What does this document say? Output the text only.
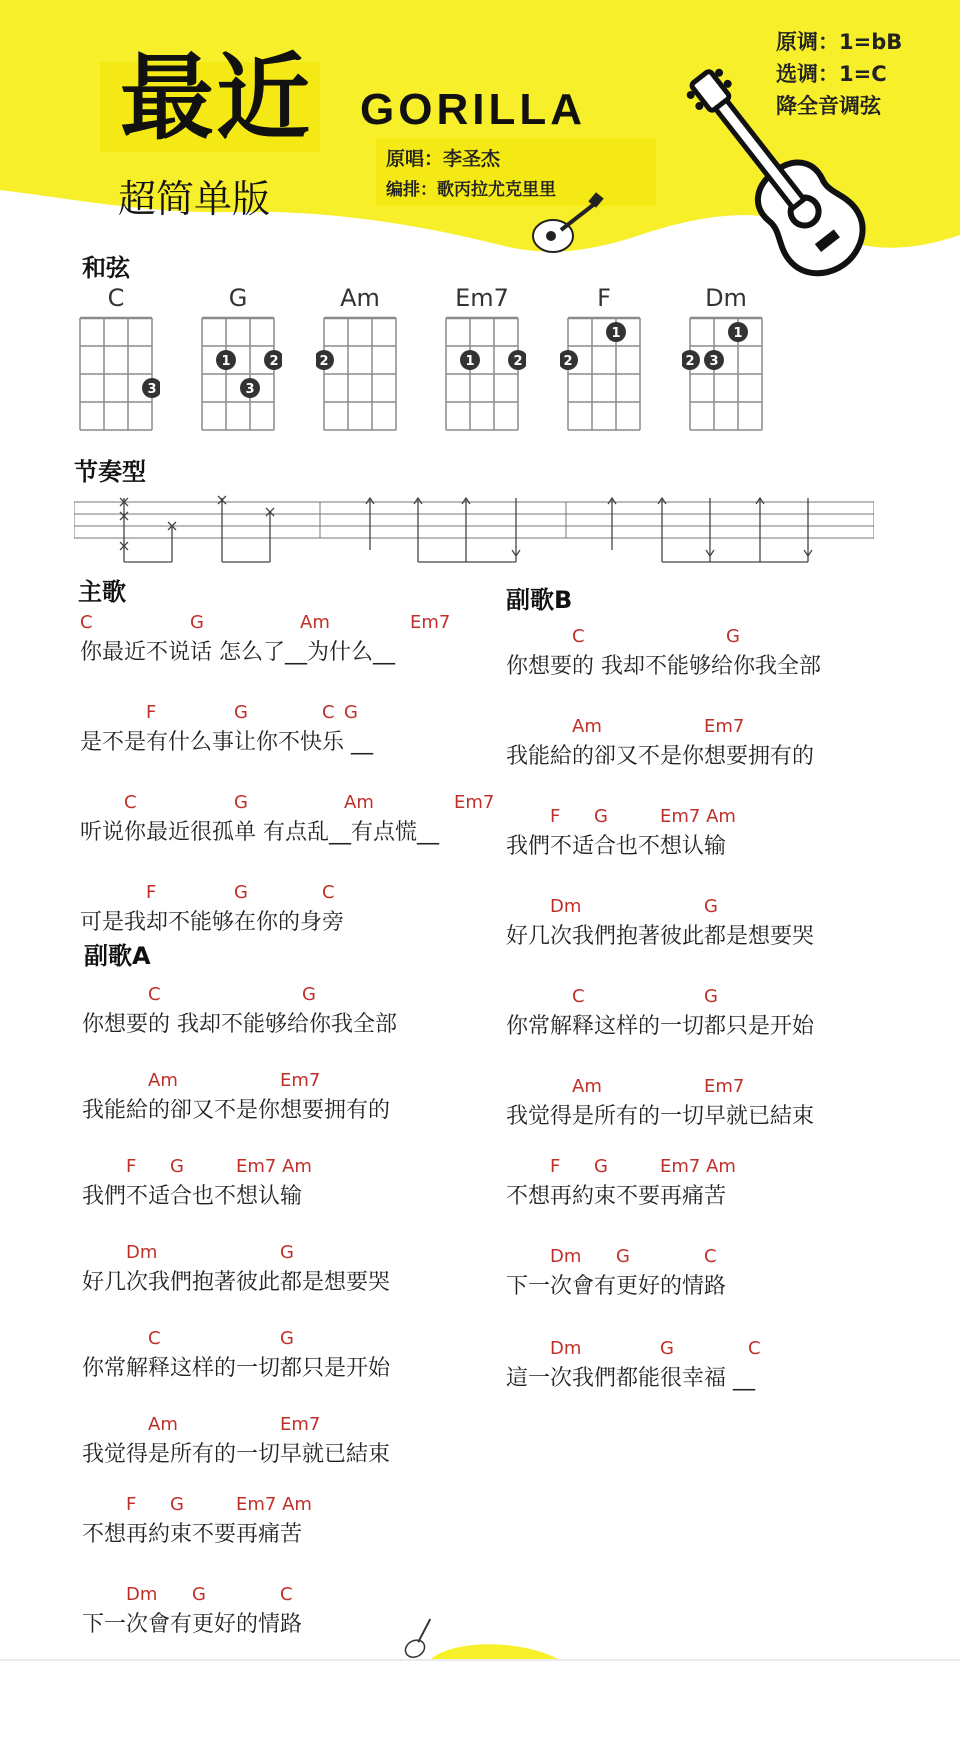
最近
超简单版
GORILLA
原唱：李圣杰
编排：歌丙拉尤克里里
原调：1=bB
选调：1=C
降全音调弦
和弦
C
3
G
1	2
3
Am
2
Em7
1	2
F
1
2
Dm
1
2 3
节奏型
主歌
副歌A
副歌B
你最近不说话 怎么了__为什么__
C	G	Am	Em7
是不是有什么事让你不快乐 __
F	G	C G
听说你最近很孤单 有点乱__有点慌__
C	G	Am	Em7
可是我却不能够在你的身旁
F	G	C
你想要的 我却不能够给你我全部
C	G
我能給的卻又不是你想要拥有的
Am	Em7
我們不适合也不想认输
F G	Em7 Am
好几次我們抱著彼此都是想要哭
Dm	G
你常解释这样的一切都只是开始
C	G
我觉得是所有的一切早就已結束
Am	Em7
不想再約束不要再痛苦
F G	Em7 Am
下一次會有更好的情路
Dm G	C
你想要的 我却不能够给你我全部
C	G
我能給的卻又不是你想要拥有的
Am	Em7
我們不适合也不想认输
F G	Em7 Am
好几次我們抱著彼此都是想要哭
Dm	G
你常解释这样的一切都只是开始
C	G
我觉得是所有的一切早就已結束
Am	Em7
不想再約束不要再痛苦
F G	Em7 Am
下一次會有更好的情路
Dm G	C
這一次我們都能很幸福 __
Dm	G	C
